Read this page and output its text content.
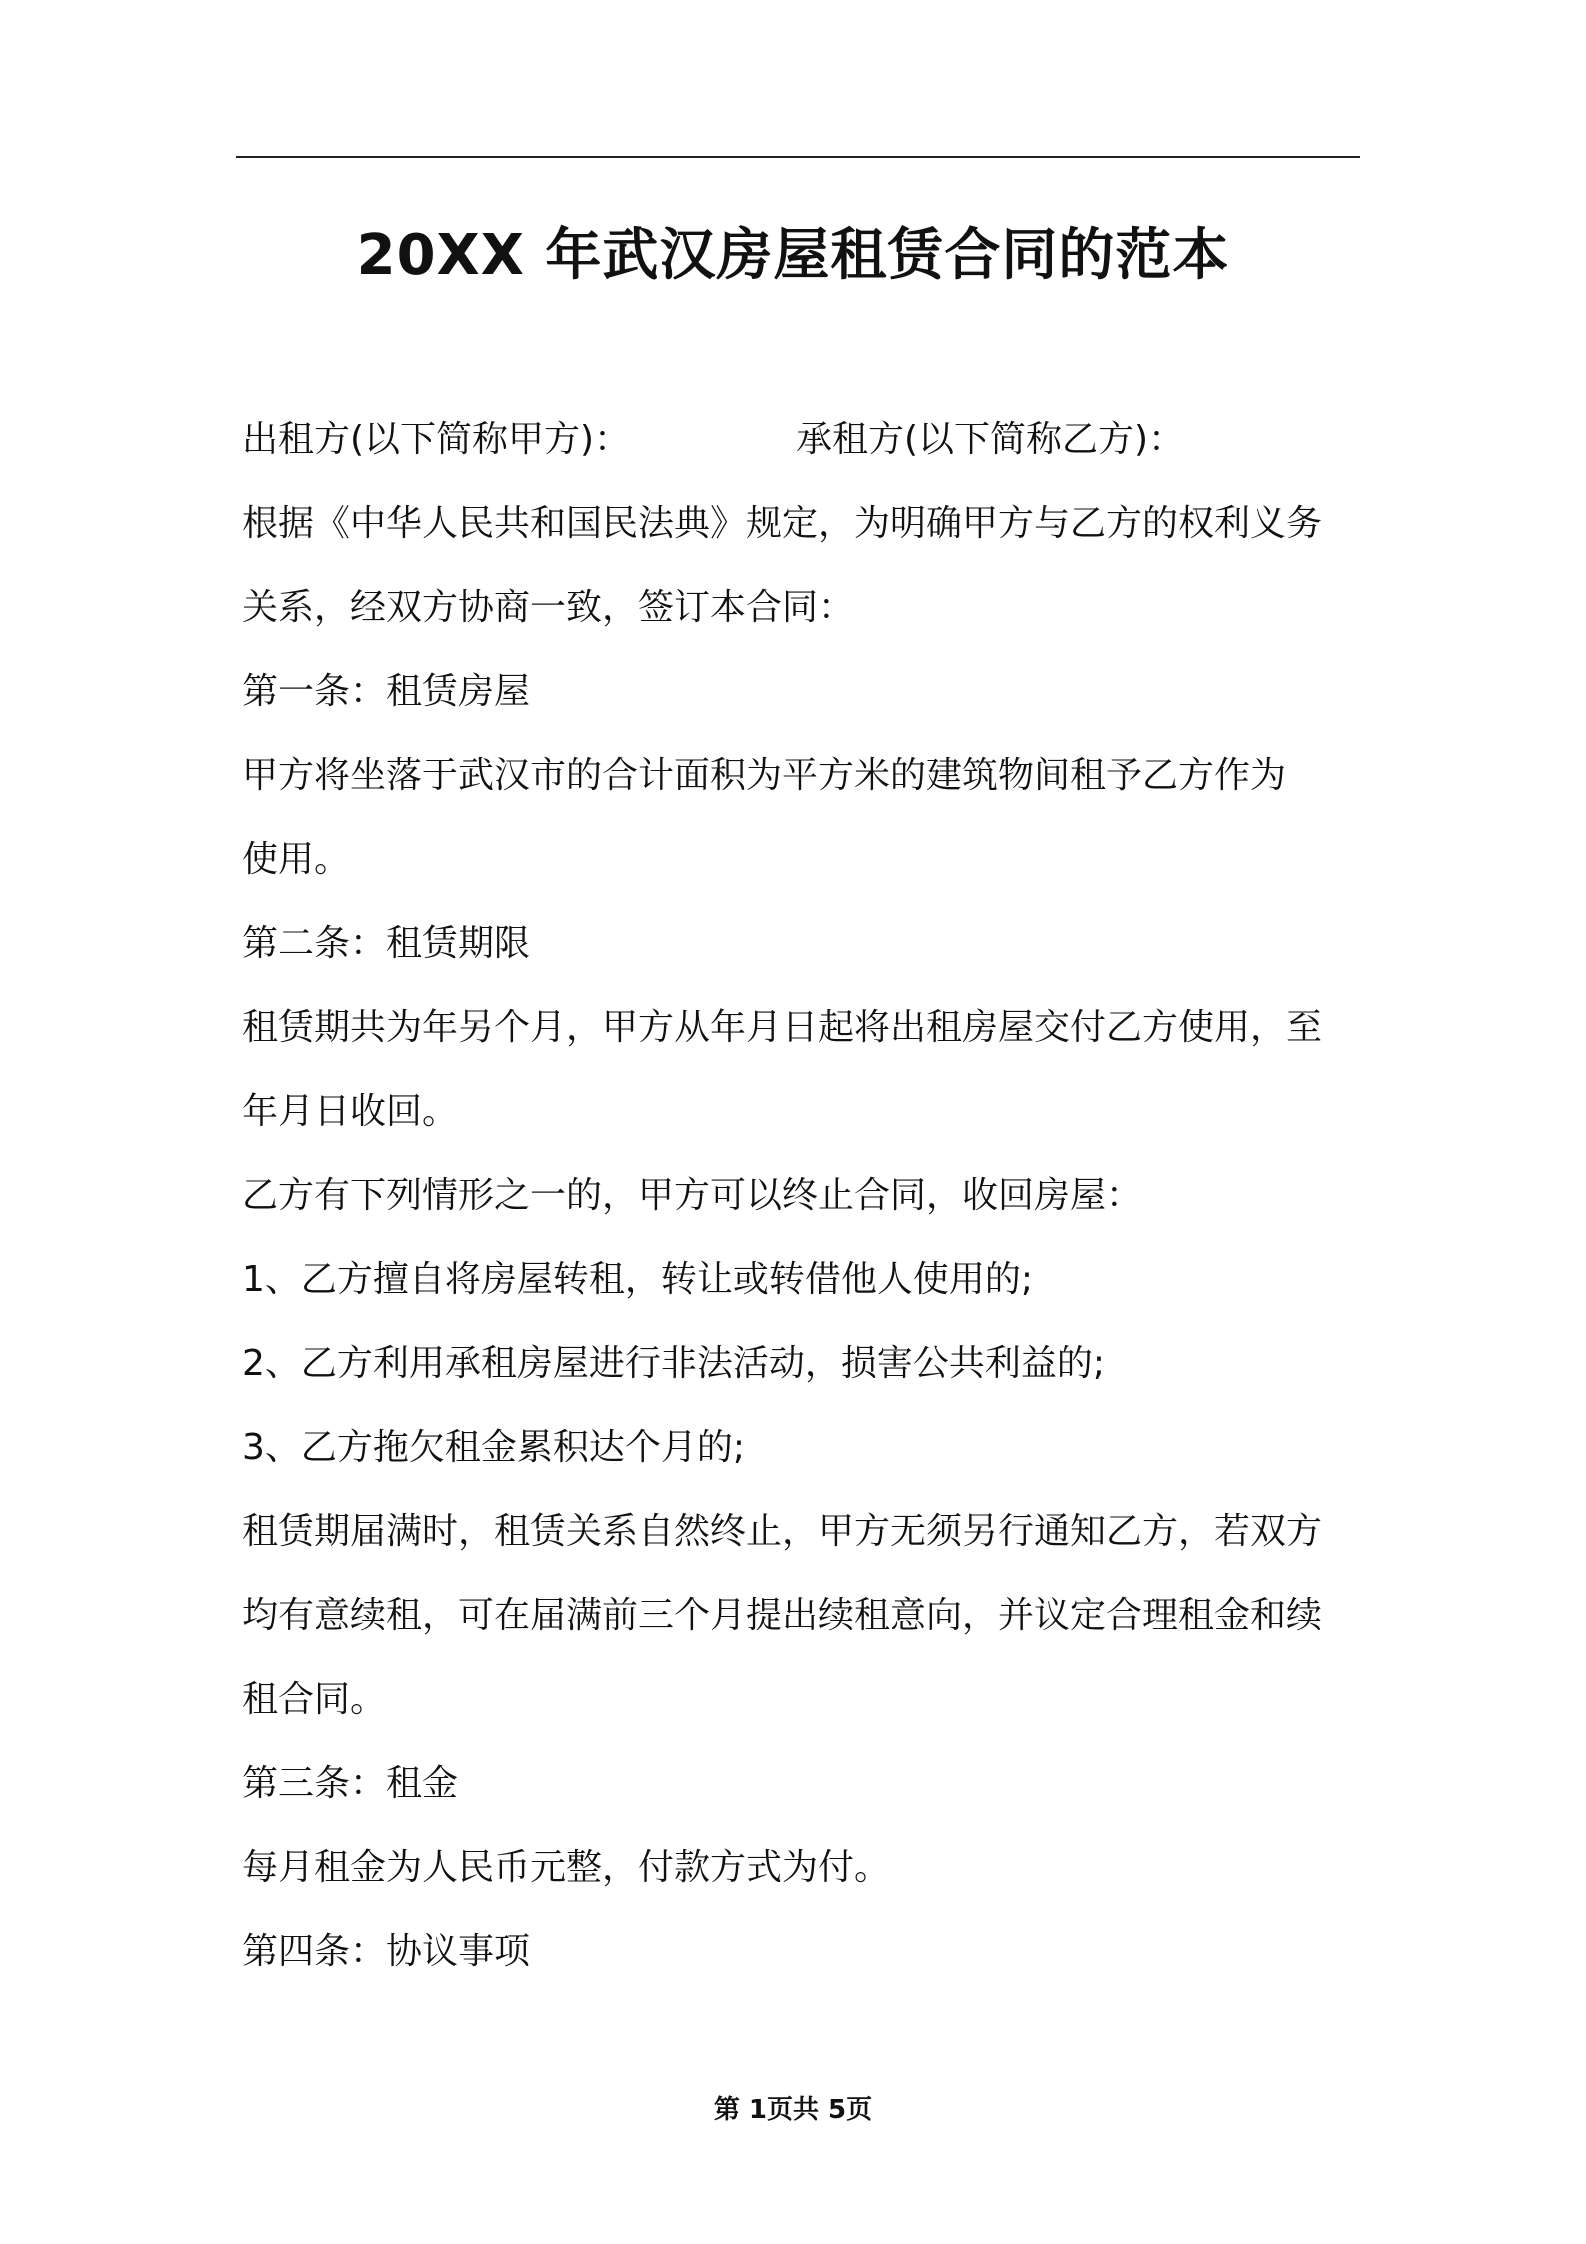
20XX 年武汉房屋租赁合同的范本
出租方(以下简称甲方)：	承租方(以下简称乙方)：
根据《中华人民共和国民法典》规定，为明确甲方与乙方的权利义务
关系，经双方协商一致，签订本合同：
第一条：租赁房屋
甲方将坐落于武汉市的合计面积为平方米的建筑物间租予乙方作为
使用。
第二条：租赁期限
租赁期共为年另个月，甲方从年月日起将出租房屋交付乙方使用，至
年月日收回。
乙方有下列情形之一的，甲方可以终止合同，收回房屋：
1、乙方擅自将房屋转租，转让或转借他人使用的;
2、乙方利用承租房屋进行非法活动，损害公共利益的;
3、乙方拖欠租金累积达个月的;
租赁期届满时，租赁关系自然终止，甲方无须另行通知乙方，若双方
均有意续租，可在届满前三个月提出续租意向，并议定合理租金和续
租合同。
第三条：租金
每月租金为人民币元整，付款方式为付。
第四条：协议事项
第 1页共 5页
